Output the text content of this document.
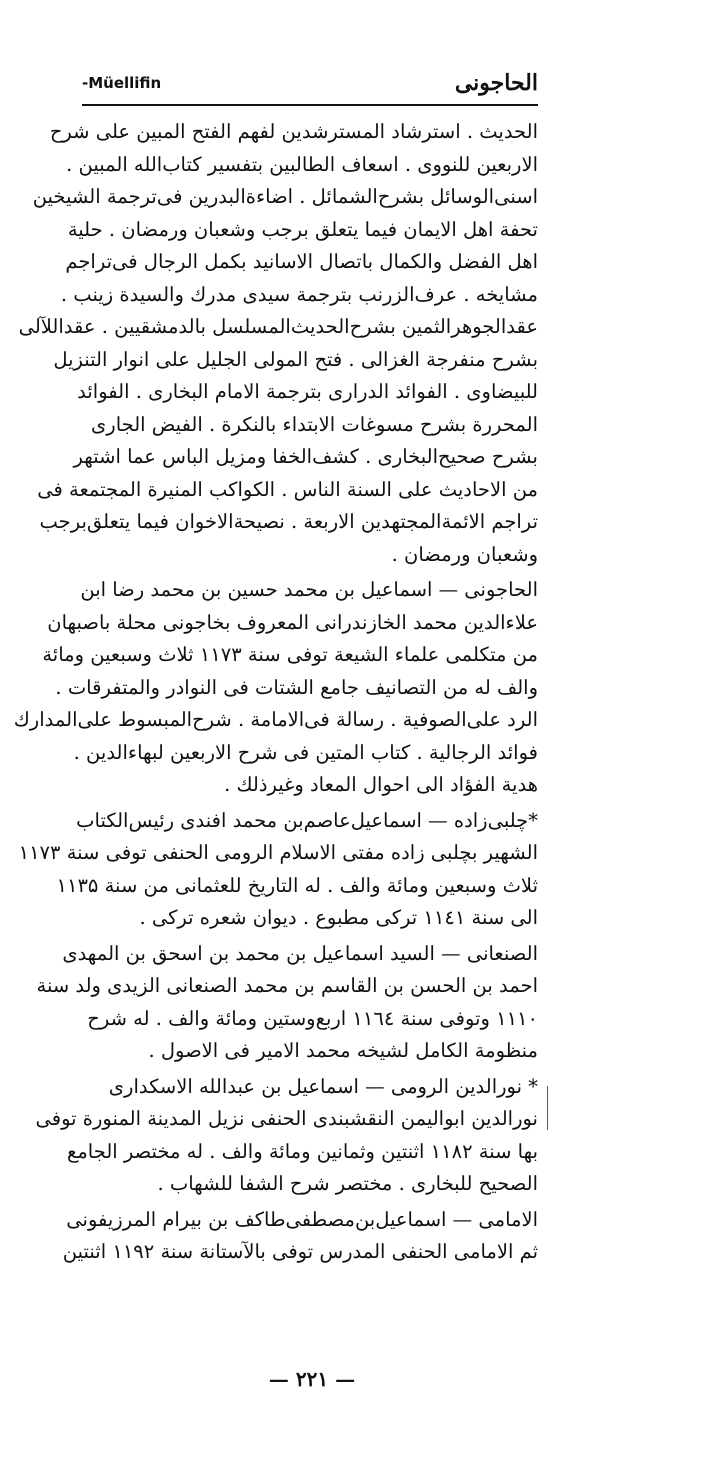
-Müellifin	الحاجونی

الحدیث . استرشاد المسترشدین لفهم الفتح المبین علی شرح
الاربعین للنووی . اسعاف الطالبین بتفسیر کتاب‌الله المبین .
اسنی‌الوسائل بشرح‌الشمائل . اضاءة‌البدرین فی‌ترجمة الشیخین
تحفة اهل الایمان فیما یتعلق برجب وشعبان ورمضان . حلیة
اهل الفضل والکمال باتصال الاسانید بکمل الرجال فی‌تراجم
مشایخه . عرف‌الزرنب بترجمة سیدی مدرك والسیدة زینب .
عقدالجوهرالثمین بشرح‌الحدیث‌المسلسل بالدمشقیین . عقداللآلی
بشرح منفرجة الغزالی . فتح المولی الجلیل علی انوار التنزیل
للبیضاوی . الفوائد الدراری بترجمة الامام البخاری . الفوائد
المحررة بشرح مسوغات الابتداء بالنکرة . الفیض الجاری
بشرح صحیح‌البخاری . کشف‌الخفا ومزیل الباس عما اشتهر
من الاحادیث علی السنة الناس . الکواکب المنیرة المجتمعة فی
تراجم الائمة‌المجتهدین الاربعة . نصیحة‌الاخوان فیما یتعلق‌برجب
وشعبان ورمضان .

الحاجونی — اسماعیل بن محمد حسین بن محمد رضا ابن
علاءالدین محمد الخازندرانی المعروف بخاجونی محلة باصبهان
من متکلمی علماء الشیعة توفی سنة ۱۱۷۳ ثلاث وسبعین ومائة
والف له من التصانیف جامع الشتات فی النوادر والمتفرقات .
الرد علی‌الصوفیة . رسالة فی‌الامامة . شرح‌المبسوط علی‌المدارك
فوائد الرجالیة . کتاب المتین فی شرح الاربعین لبهاءالدین .
هدیة الفؤاد الی احوال المعاد وغیرذلك .

*چلبی‌زاده — اسماعیل‌عاصم‌بن محمد افندی رئیس‌الکتاب
الشهیر بچلبی زاده مفتی الاسلام الرومی الحنفی توفی سنة ۱۱۷۳
ثلاث وسبعین ومائة والف . له التاریخ للعثمانی من سنة ۱۱۳۵
الی سنة ۱۱٤۱ ترکی مطبوع . دیوان شعره ترکی .

الصنعانی — السید اسماعیل بن محمد بن اسحق بن المهدی
احمد بن الحسن بن القاسم بن محمد الصنعانی الزیدی ولد سنة
۱۱۱۰ وتوفی سنة ۱۱٦٤ اربع‌وستین ومائة والف . له شرح
منظومة الکامل لشیخه محمد الامیر فی الاصول .

* نورالدین الرومی — اسماعیل بن عبدالله الاسکداری
نورالدین ابوالیمن النقشبندی الحنفی نزیل المدینة المنورة توفی
بها سنة ۱۱۸۲ اثنتین وثمانین ومائة والف . له مختصر الجامع
الصحیح للبخاری . مختصر شرح الشفا للشهاب .

الامامی — اسماعیل‌بن‌مصطفی‌طاکف بن بیرام المرزیفونی
ثم الامامی الحنفی المدرس توفی بالآستانة سنة ۱۱۹۲ اثنتین

— ۲۲۱ —
